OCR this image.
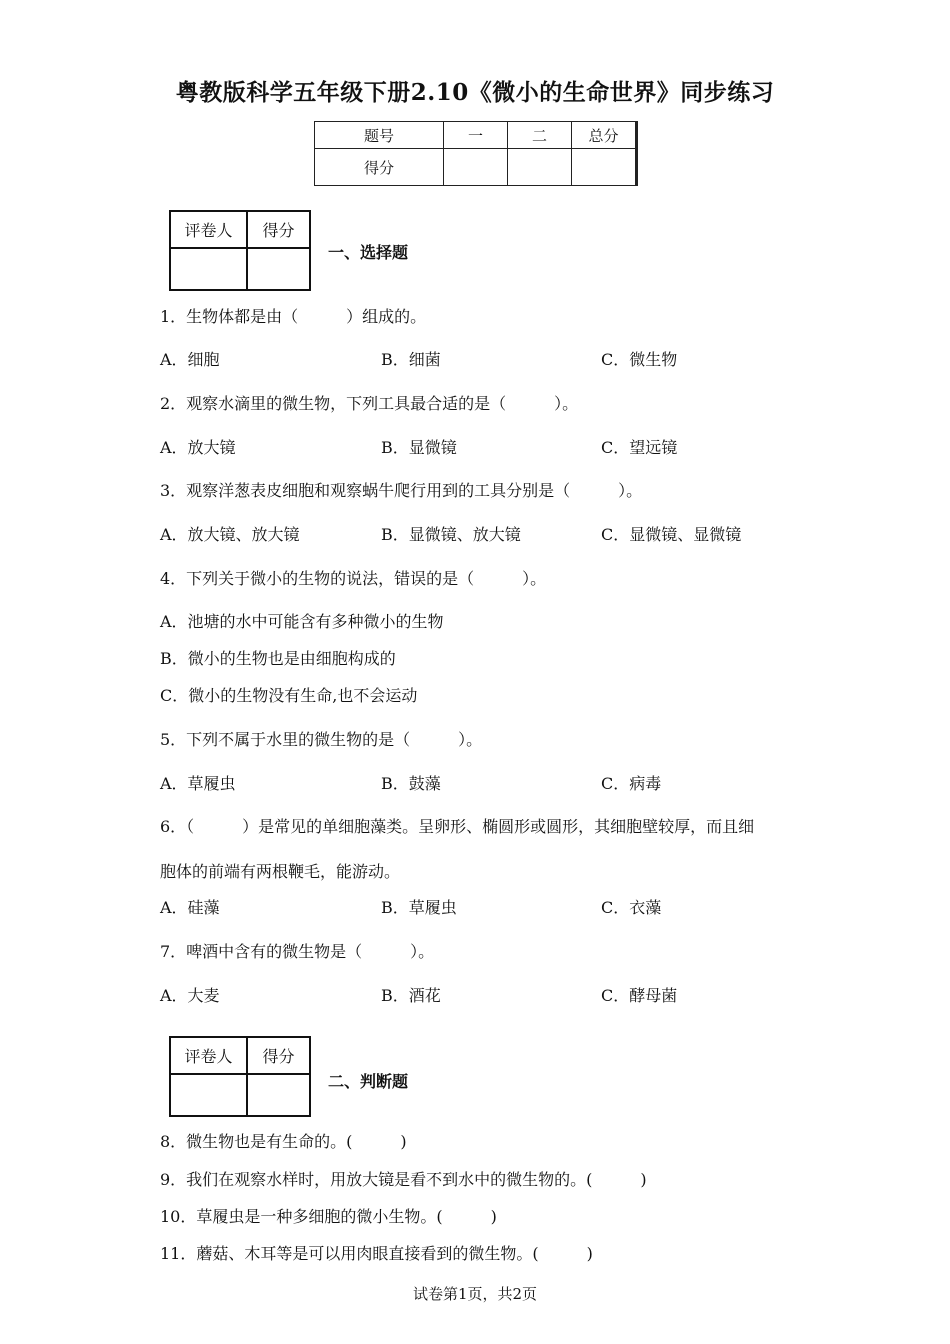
粤教版科学五年级下册2.10《微小的生命世界》同步练习
题号	一	二	总分
得分			
评卷人	得分

一、选择题
1．生物体都是由（　　　）组成的。
A．细胞	B．细菌	C．微生物
2．观察水滴里的微生物，下列工具最合适的是（　　　）。
A．放大镜	B．显微镜	C．望远镜
3．观察洋葱表皮细胞和观察蜗牛爬行用到的工具分别是（　　　）。
A．放大镜、放大镜	B．显微镜、放大镜	C．显微镜、显微镜
4．下列关于微小的生物的说法，错误的是（　　　）。
A．池塘的水中可能含有多种微小的生物
B．微小的生物也是由细胞构成的
C．微小的生物没有生命,也不会运动
5．下列不属于水里的微生物的是（　　　）。
A．草履虫	B．鼓藻	C．病毒
6．（　　　）是常见的单细胞藻类。呈卵形、椭圆形或圆形，其细胞壁较厚，而且细
胞体的前端有两根鞭毛，能游动。
A．硅藻	B．草履虫	C．衣藻
7．啤酒中含有的微生物是（　　　）。
A．大麦	B．酒花	C．酵母菌
评卷人	得分

二、判断题
8．微生物也是有生命的。(　　　)
9．我们在观察水样时，用放大镜是看不到水中的微生物的。(　　　)
10．草履虫是一种多细胞的微小生物。(　　　)
11．蘑菇、木耳等是可以用肉眼直接看到的微生物。(　　　)
试卷第1页，共2页
